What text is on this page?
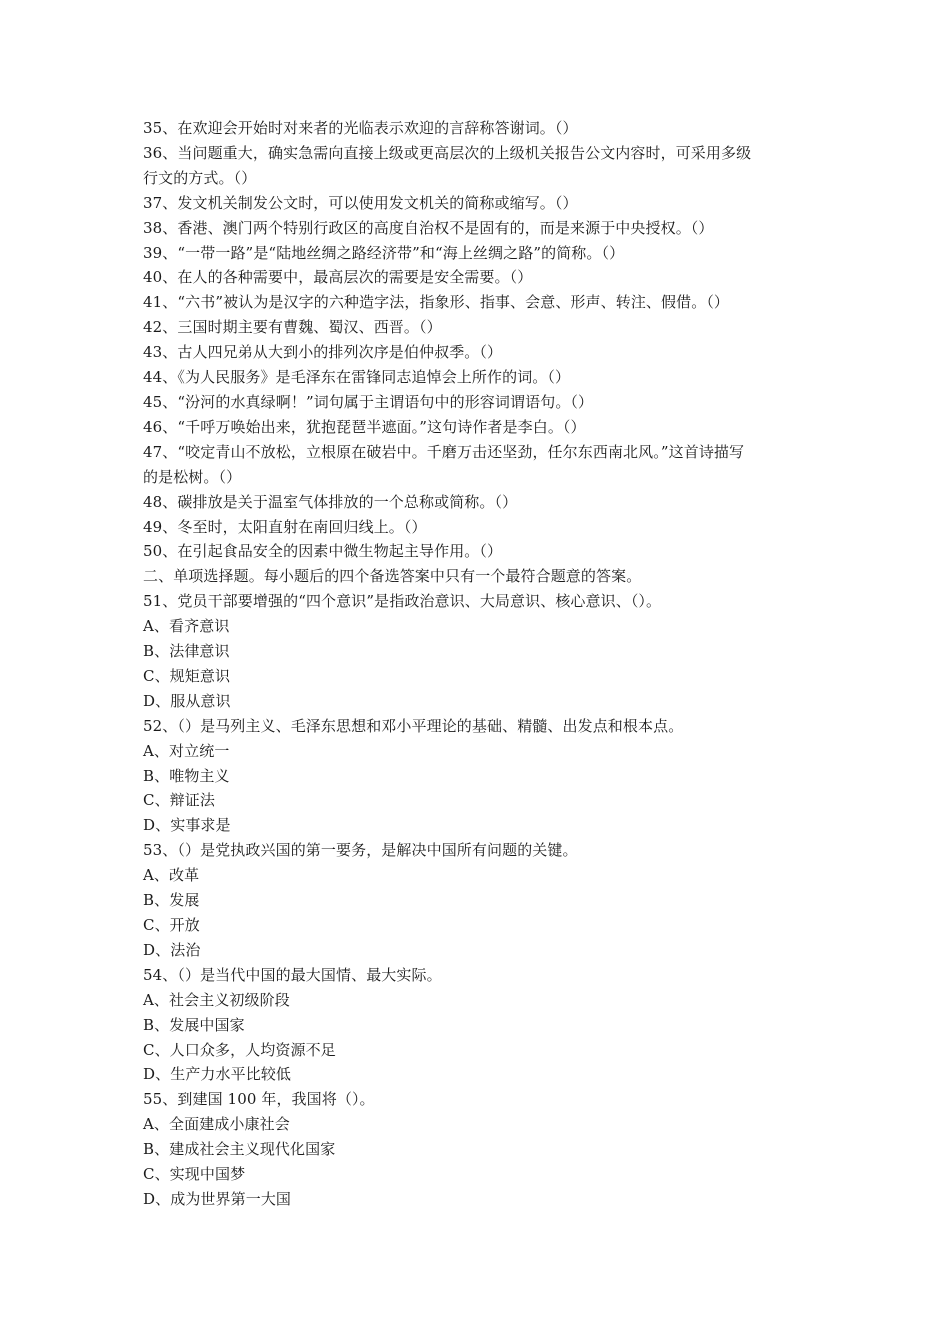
35、在欢迎会开始时对来者的光临表示欢迎的言辞称答谢词。（）
36、当问题重大，确实急需向直接上级或更高层次的上级机关报告公文内容时，可采用多级
行文的方式。（）
37、发文机关制发公文时，可以使用发文机关的简称或缩写。（）
38、香港、澳门两个特别行政区的高度自治权不是固有的，而是来源于中央授权。（）
39、“一带一路”是“陆地丝绸之路经济带”和“海上丝绸之路”的简称。（）
40、在人的各种需要中，最高层次的需要是安全需要。（）
41、“六书”被认为是汉字的六种造字法，指象形、指事、会意、形声、转注、假借。（）
42、三国时期主要有曹魏、蜀汉、西晋。（）
43、古人四兄弟从大到小的排列次序是伯仲叔季。（）
44、《为人民服务》是毛泽东在雷锋同志追悼会上所作的词。（）
45、“汾河的水真绿啊！”词句属于主谓语句中的形容词谓语句。（）
46、“千呼万唤始出来，犹抱琵琶半遮面。”这句诗作者是李白。（）
47、“咬定青山不放松，立根原在破岩中。千磨万击还坚劲，任尔东西南北风。”这首诗描写
的是松树。（）
48、碳排放是关于温室气体排放的一个总称或简称。（）
49、冬至时，太阳直射在南回归线上。（）
50、在引起食品安全的因素中微生物起主导作用。（）
二、单项选择题。每小题后的四个备选答案中只有一个最符合题意的答案。
51、党员干部要增强的“四个意识”是指政治意识、大局意识、核心意识、（）。
A、看齐意识
B、法律意识
C、规矩意识
D、服从意识
52、（）是马列主义、毛泽东思想和邓小平理论的基础、精髓、出发点和根本点。
A、对立统一
B、唯物主义
C、辩证法
D、实事求是
53、（）是党执政兴国的第一要务，是解决中国所有问题的关键。
A、改革
B、发展
C、开放
D、法治
54、（）是当代中国的最大国情、最大实际。
A、社会主义初级阶段
B、发展中国家
C、人口众多，人均资源不足
D、生产力水平比较低
55、到建国 100 年，我国将（）。
A、全面建成小康社会
B、建成社会主义现代化国家
C、实现中国梦
D、成为世界第一大国
